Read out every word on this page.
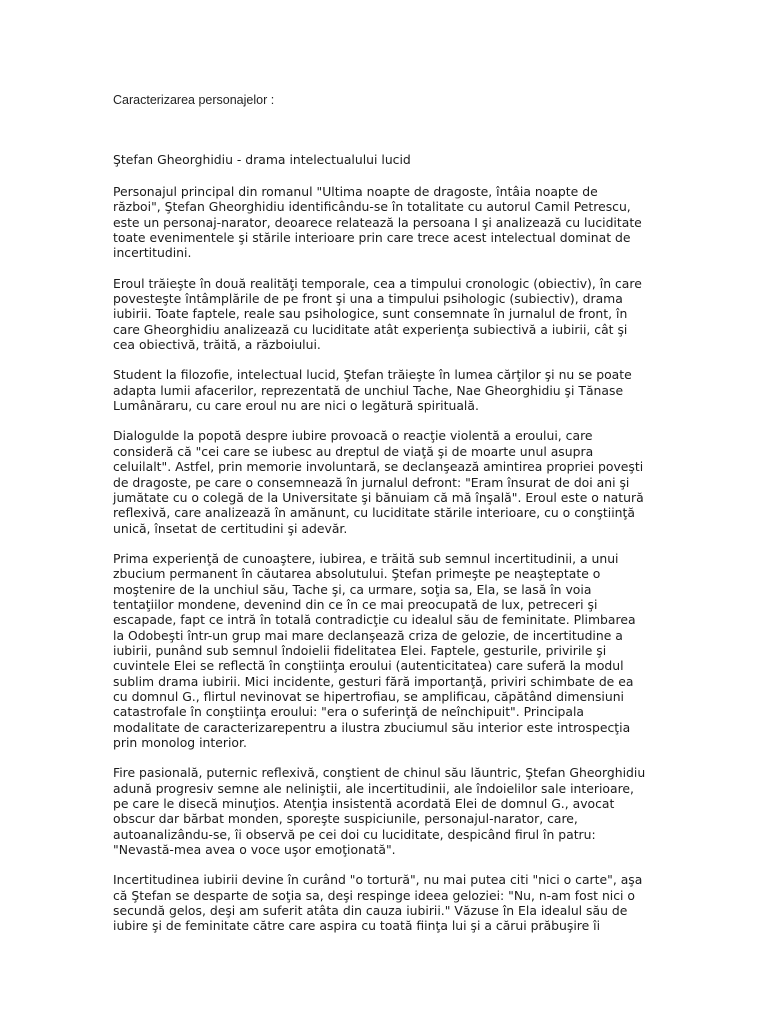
Caracterizarea personajelor :
Ştefan Gheorghidiu - drama intelectualului lucid
Personajul principal din romanul "Ultima noapte de dragoste, întâia noapte de
război", Ştefan Gheorghidiu identificându-se în totalitate cu autorul Camil Petrescu,
este un personaj-narator, deoarece relatează la persoana I şi analizează cu luciditate
toate evenimentele şi stările interioare prin care trece acest intelectual dominat de
incertitudini.
Eroul trăieşte în două realităţi temporale, cea a timpului cronologic (obiectiv), în care
povesteşte întâmplările de pe front şi una a timpului psihologic (subiectiv), drama
iubirii. Toate faptele, reale sau psihologice, sunt consemnate în jurnalul de front, în
care Gheorghidiu analizează cu luciditate atât experienţa subiectivă a iubirii, cât şi
cea obiectivă, trăită, a războiului.
Student la filozofie, intelectual lucid, Ştefan trăieşte în lumea cărţilor şi nu se poate
adapta lumii afacerilor, reprezentată de unchiul Tache, Nae Gheorghidiu şi Tănase
Lumânăraru, cu care eroul nu are nici o legătură spirituală.
Dialogulde la popotă despre iubire provoacă o reacţie violentă a eroului, care
consideră că "cei care se iubesc au dreptul de viaţă şi de moarte unul asupra
celuilalt". Astfel, prin memorie involuntară, se declanşează amintirea propriei poveşti
de dragoste, pe care o consemnează în jurnalul defront: "Eram însurat de doi ani şi
jumătate cu o colegă de la Universitate şi bănuiam că mă înşală". Eroul este o natură
reflexivă, care analizează în amănunt, cu luciditate stările interioare, cu o conştiinţă
unică, însetat de certitudini şi adevăr.
Prima experienţă de cunoaştere, iubirea, e trăită sub semnul incertitudinii, a unui
zbucium permanent în căutarea absolutului. Ştefan primeşte pe neaşteptate o
moştenire de la unchiul său, Tache şi, ca urmare, soţia sa, Ela, se lasă în voia
tentaţiilor mondene, devenind din ce în ce mai preocupată de lux, petreceri şi
escapade, fapt ce intră în totală contradicţie cu idealul său de feminitate. Plimbarea
la Odobeşti într-un grup mai mare declanşează criza de gelozie, de incertitudine a
iubirii, punând sub semnul îndoielii fidelitatea Elei. Faptele, gesturile, privirile şi
cuvintele Elei se reflectă în conştiinţa eroului (autenticitatea) care suferă la modul
sublim drama iubirii. Mici incidente, gesturi fără importanţă, priviri schimbate de ea
cu domnul G., flirtul nevinovat se hipertrofiau, se amplificau, căpătând dimensiuni
catastrofale în conştiinţa eroului: "era o suferinţă de neînchipuit". Principala
modalitate de caracterizarepentru a ilustra zbuciumul său interior este introspecţia
prin monolog interior.
Fire pasională, puternic reflexivă, conştient de chinul său lăuntric, Ştefan Gheorghidiu
adună progresiv semne ale neliniştii, ale incertitudinii, ale îndoielilor sale interioare,
pe care le disecă minuţios. Atenţia insistentă acordată Elei de domnul G., avocat
obscur dar bărbat monden, sporeşte suspiciunile, personajul-narator, care,
autoanalizându-se, îi observă pe cei doi cu luciditate, despicând firul în patru:
"Nevastă-mea avea o voce uşor emoţionată".
Incertitudinea iubirii devine în curând "o tortură", nu mai putea citi "nici o carte", aşa
că Ştefan se desparte de soţia sa, deşi respinge ideea geloziei: "Nu, n-am fost nici o
secundă gelos, deşi am suferit atâta din cauza iubirii." Văzuse în Ela idealul său de
iubire şi de feminitate către care aspira cu toată fiinţa lui şi a cărui prăbuşire îi
